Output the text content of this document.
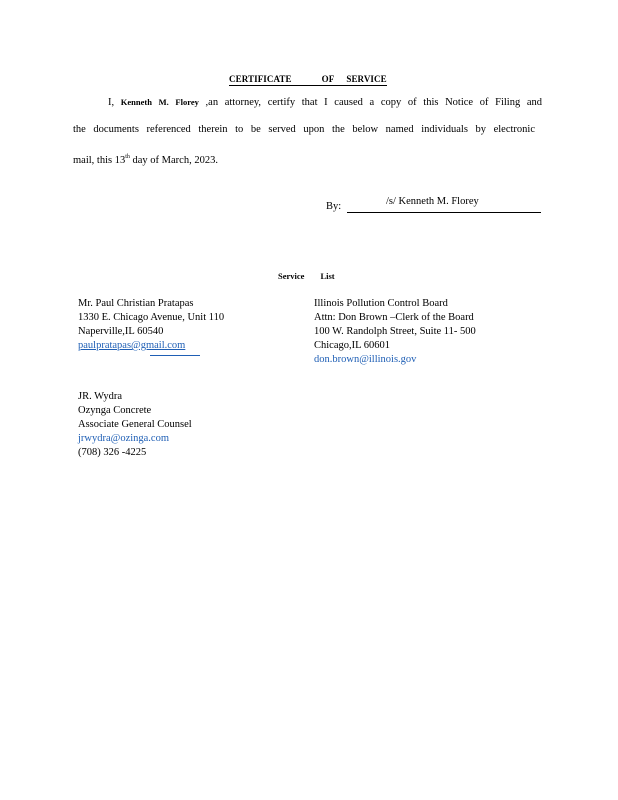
CERTIFICATE	OF SERVICE
I, Kenneth M. Florey ,an attorney, certify that I caused a copy of this Notice of Filing and
the documents referenced therein to be served upon the below named individuals by electronic
mail, this 13th day of March, 2023.
By:	/s/ Kenneth M. Florey
Service List
Mr. Paul Christian Pratapas
1330 E. Chicago Avenue, Unit 110
Naperville,IL 60540
paulpratapas@gmail.com
Illinois Pollution Control Board
Attn: Don Brown –Clerk of the Board
100 W. Randolph Street, Suite 11- 500
Chicago,IL 60601
don.brown@illinois.gov
JR. Wydra
Ozynga Concrete
Associate General Counsel
jrwydra@ozinga.com
(708) 326 -4225
